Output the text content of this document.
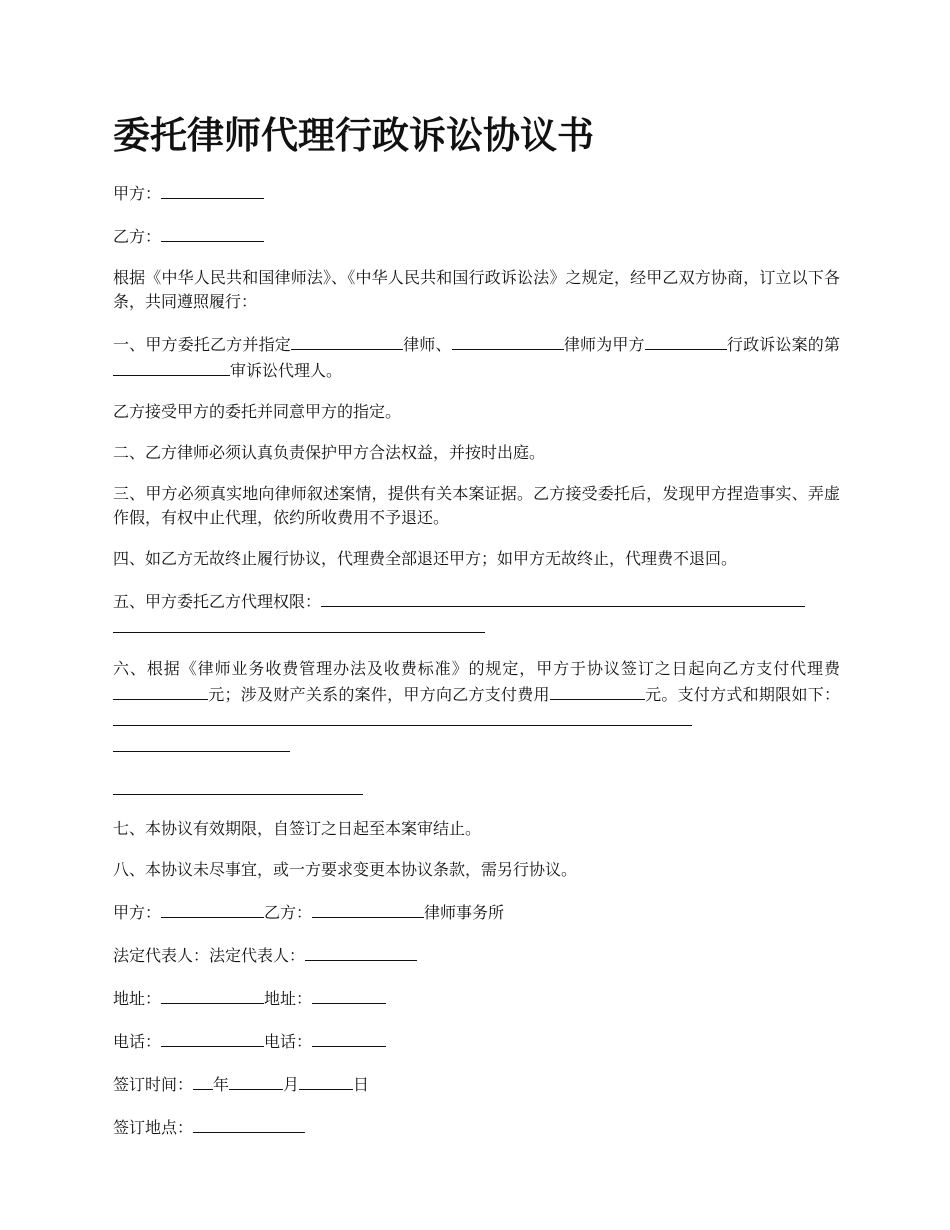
委托律师代理行政诉讼协议书

甲方：

乙方：

根据《中华人民共和国律师法》、《中华人民共和国行政诉讼法》之规定，经甲乙双方协商，订立以下各条，共同遵照履行：

一、甲方委托乙方并指定	律师、	律师为甲方	行政诉讼案的第审诉讼代理人。

乙方接受甲方的委托并同意甲方的指定。

二、乙方律师必须认真负责保护甲方合法权益，并按时出庭。

三、甲方必须真实地向律师叙述案情，提供有关本案证据。乙方接受委托后，发现甲方捏造事实、弄虚作假，有权中止代理，依约所收费用不予退还。

四、如乙方无故终止履行协议，代理费全部退还甲方；如甲方无故终止，代理费不退回。

五、甲方委托乙方代理权限：

六、根据《律师业务收费管理办法及收费标准》的规定，甲方于协议签订之日起向乙方支付代理费元；涉及财产关系的案件，甲方向乙方支付费用	元。支付方式和期限如下：

七、本协议有效期限，自签订之日起至本案审结止。

八、本协议未尽事宜，或一方要求变更本协议条款，需另行协议。

甲方：	乙方：	律师事务所

法定代表人：法定代表人：

地址：	地址：

电话：	电话：

签订时间： 年	月	日

签订地点：
